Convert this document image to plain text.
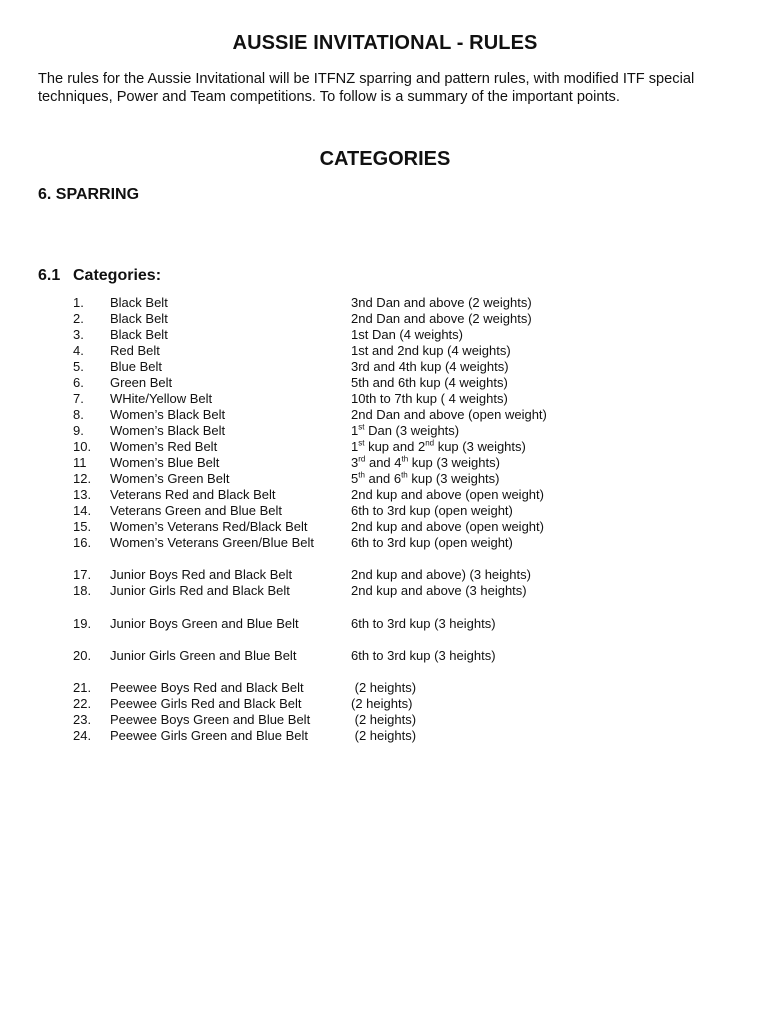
AUSSIE INVITATIONAL - RULES
The rules for the Aussie Invitational will be ITFNZ sparring and pattern rules, with modified ITF special techniques, Power and Team competitions. To follow is a summary of the important points.
CATEGORIES
6. SPARRING
6.1 Categories:
1. Black Belt	3nd Dan and above (2 weights)
2. Black Belt	2nd Dan and above (2 weights)
3. Black Belt	1st Dan (4 weights)
4. Red Belt	1st and 2nd kup (4 weights)
5. Blue Belt	3rd and 4th kup (4 weights)
6. Green Belt	5th and 6th kup (4 weights)
7. WHite/Yellow Belt	10th to 7th kup ( 4 weights)
8. Women’s Black Belt	2nd Dan and above (open weight)
9. Women’s Black Belt	1st Dan (3 weights)
10. Women’s Red Belt	1st kup and 2nd kup (3 weights)
11 Women’s Blue Belt	3rd and 4th kup (3 weights)
12. Women’s Green Belt	5th and 6th kup (3 weights)
13. Veterans Red and Black Belt	2nd kup and above (open weight)
14. Veterans Green and Blue Belt	6th to 3rd kup (open weight)
15. Women’s Veterans Red/Black Belt	2nd kup and above (open weight)
16. Women’s Veterans Green/Blue Belt	6th to 3rd kup (open weight)
17. Junior Boys Red and Black Belt	2nd kup and above) (3 heights)
18. Junior Girls Red and Black Belt	2nd kup and above (3 heights)
19. Junior Boys Green and Blue Belt	6th to 3rd kup (3 heights)
20. Junior Girls Green and Blue Belt	6th to 3rd kup (3 heights)
21. Peewee Boys Red and Black Belt	(2 heights)
22. Peewee Girls Red and Black Belt	(2 heights)
23. Peewee Boys Green and Blue Belt	(2 heights)
24. Peewee Girls Green and Blue Belt	(2 heights)
